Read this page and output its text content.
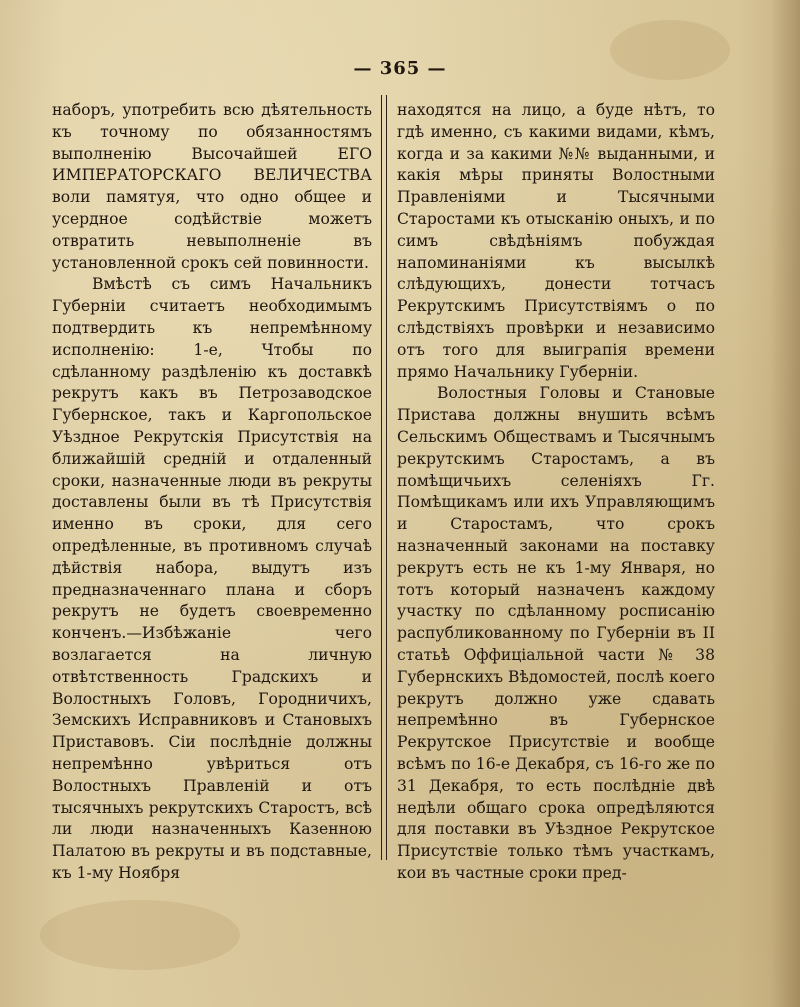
— 365 —

наборъ, употребить всю дѣятельность къ точному по обязанностямъ выполненію Высочайшей ЕГО ИМПЕРАТОРСКАГО ВЕЛИЧЕСТВА воли памятуя, что одно общее и усердное содѣйствіе можетъ отвратить невыполненіе въ установленной срокъ сей повинности.

Вмѣстѣ съ симъ Начальникъ Губерніи считаетъ необходимымъ подтвердить къ непремѣнному исполненію: 1-е, Чтобы по сдѣланному раздѣленію къ доставкѣ рекрутъ какъ въ Петрозаводское Губернское, такъ и Каргопольское Уѣздное Рекрутскія Присутствія на ближайшій средній и отдаленный сроки, назначенные люди въ рекруты доставлены были въ тѣ Присутствія именно въ сроки, для сего опредѣленные, въ противномъ случаѣ дѣйствія набора, выдутъ изъ предназначеннаго плана и сборъ рекрутъ не будетъ своевременно конченъ.—Избѣжаніе чего возлагается на личную отвѣтственность Градскихъ и Волостныхъ Головъ, Городничихъ, Земскихъ Исправниковъ и Становыхъ Приставовъ. Сіи послѣдніе должны непремѣнно увѣриться отъ Волостныхъ Правленій и отъ тысячныхъ рекрутскихъ Старостъ, всѣ ли люди назначенныхъ Казенною Палатою въ рекруты и въ подставные, къ 1-му Ноября

находятся на лицо, а буде нѣтъ, то гдѣ именно, съ какими видами, кѣмъ, когда и за какими №№ выданными, и какія мѣры приняты Волостными Правленіями и Тысячными Старостами къ отысканію оныхъ, и по симъ свѣдѣніямъ побуждая напоминаніями къ высылкѣ слѣдующихъ, донести тотчасъ Рекрутскимъ Присутствіямъ о по слѣдствіяхъ провѣрки и независимо отъ того для выиграпія времени прямо Начальнику Губерніи.

Волостныя Головы и Становые Пристава должны внушить всѣмъ Сельскимъ Обществамъ и Тысячнымъ рекрутскимъ Старостамъ, а въ помѣщичьихъ селеніяхъ Гг. Помѣщикамъ или ихъ Управляющимъ и Старостамъ, что срокъ назначенный законами на поставку рекрутъ есть не къ 1-му Января, но тотъ который назначенъ каждому участку по сдѣланному росписанію распубликованному по Губерніи въ II статьѣ Оффиціальной части № 38 Губернскихъ Вѣдомостей, послѣ коего рекрутъ должно уже сдавать непремѣнно въ Губернское Рекрутское Присутствіе и вообще всѣмъ по 16-е Декабря, съ 16-го же по 31 Декабря, то есть послѣдніе двѣ недѣли общаго срока опредѣляются для поставки въ Уѣздное Рекрутское Присутствіе только тѣмъ участкамъ, кои въ частные сроки пред-
